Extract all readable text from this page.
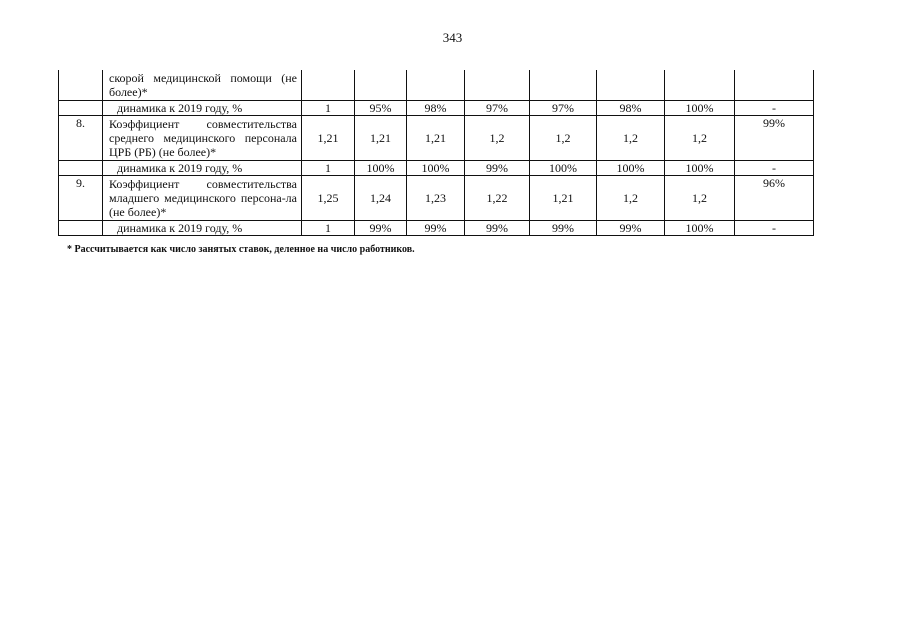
343
	скорой медицинской помощи (не более)*								
	динамика к 2019 году, %	1	95%	98%	97%	97%	98%	100%	-
8.	Коэффициент совместительства среднего медицинского персонала ЦРБ (РБ) (не более)*	1,21	1,21	1,21	1,2	1,2	1,2	1,2	99%
	динамика к 2019 году, %	1	100%	100%	99%	100%	100%	100%	-
9.	Коэффициент совместительства младшего медицинского персона-ла (не более)*	1,25	1,24	1,23	1,22	1,21	1,2	1,2	96%
	динамика к 2019 году, %	1	99%	99%	99%	99%	99%	100%	-
* Рассчитывается как число занятых ставок, деленное на число работников.
